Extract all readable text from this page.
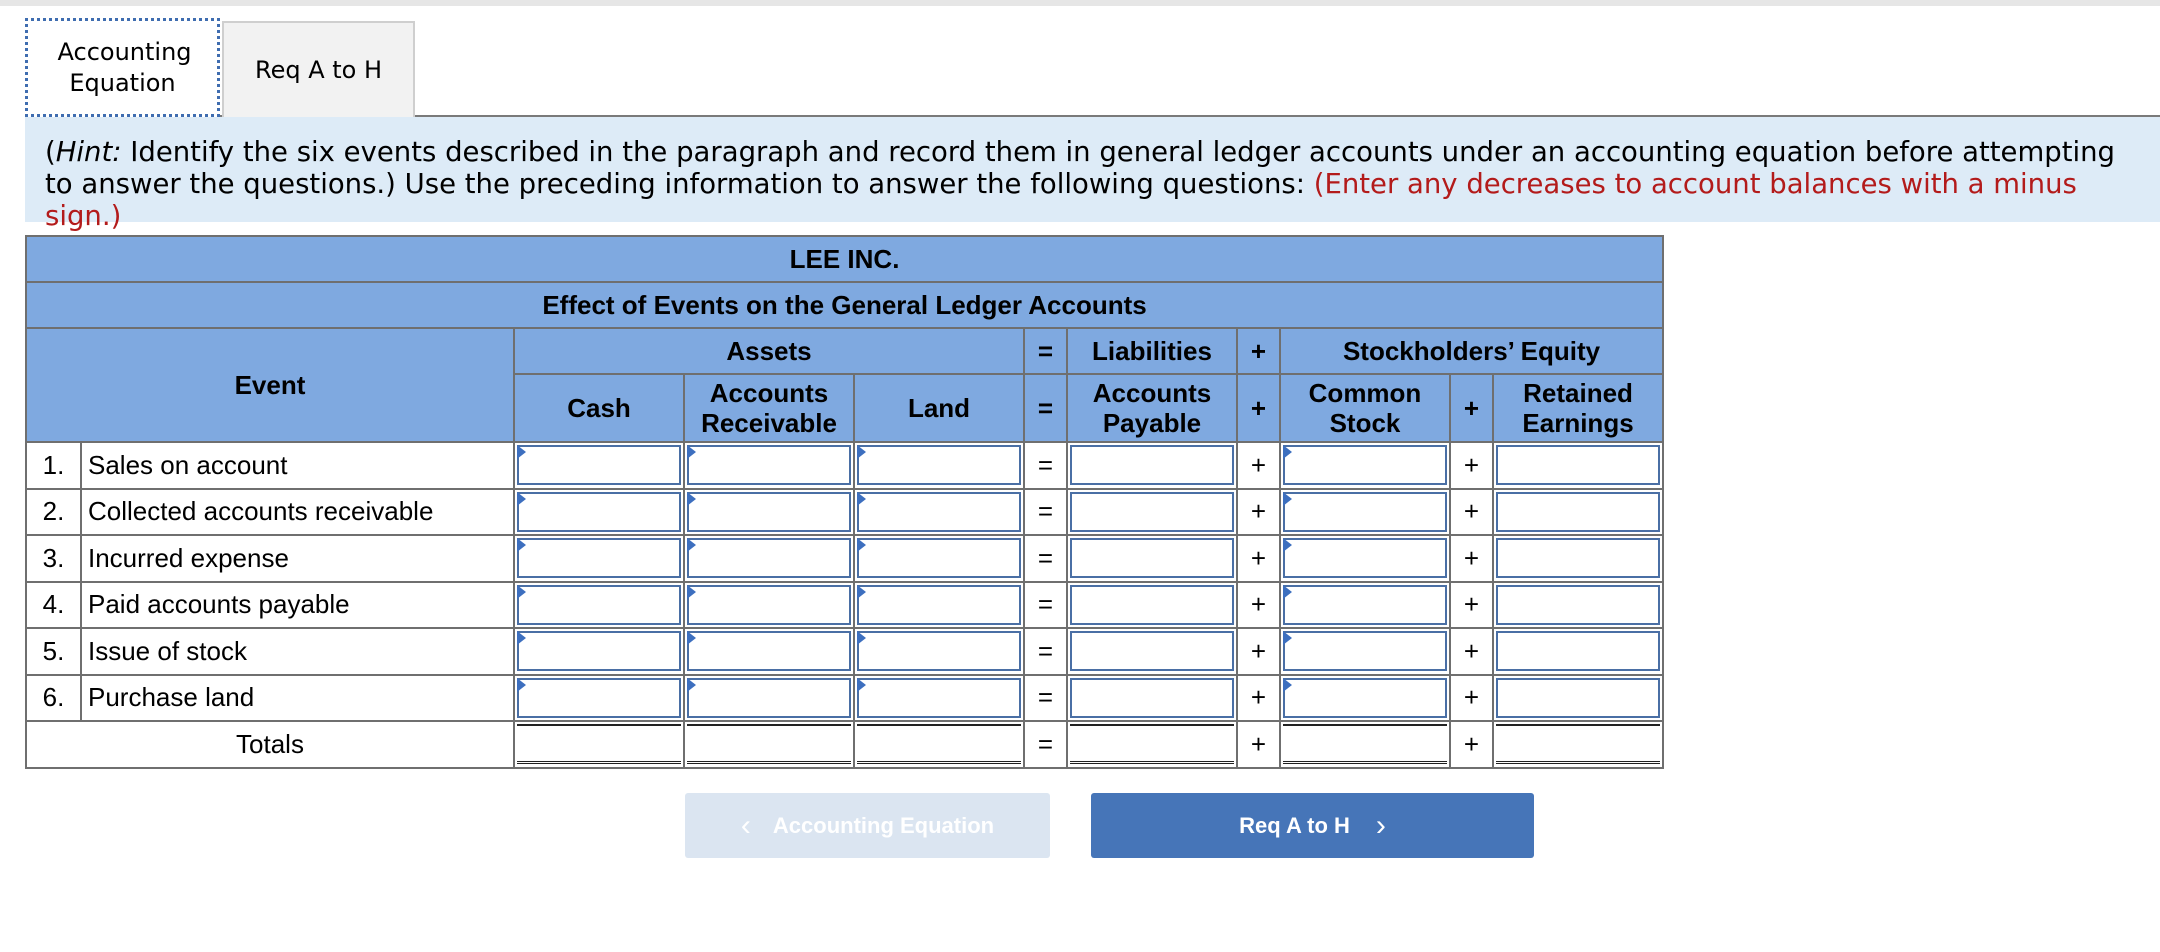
Accounting Equation	Req A to H
(Hint: Identify the six events described in the paragraph and record them in general ledger accounts under an accounting equation before attempting to answer the questions.) Use the preceding information to answer the following questions: (Enter any decreases to account balances with a minus sign.)
LEE INC.										
Effect of Events on the General Ledger Accounts										
Event		Assets			=	Liabilities	+	Stockholders’ Equity		
		Cash	Accounts Receivable	Land	=	Accounts Payable	+	Common Stock	+	Retained Earnings
1.	Sales on account				=		+		+	

2.	Collected accounts receivable				=		+		+	

3.	Incurred expense				=		+		+	

4.	Paid accounts payable				=		+		+	

5.	Issue of stock				=		+		+	

6.	Purchase land				=		+		+	

Totals					=		+		+	
‹ Accounting Equation	Req A to H ›
